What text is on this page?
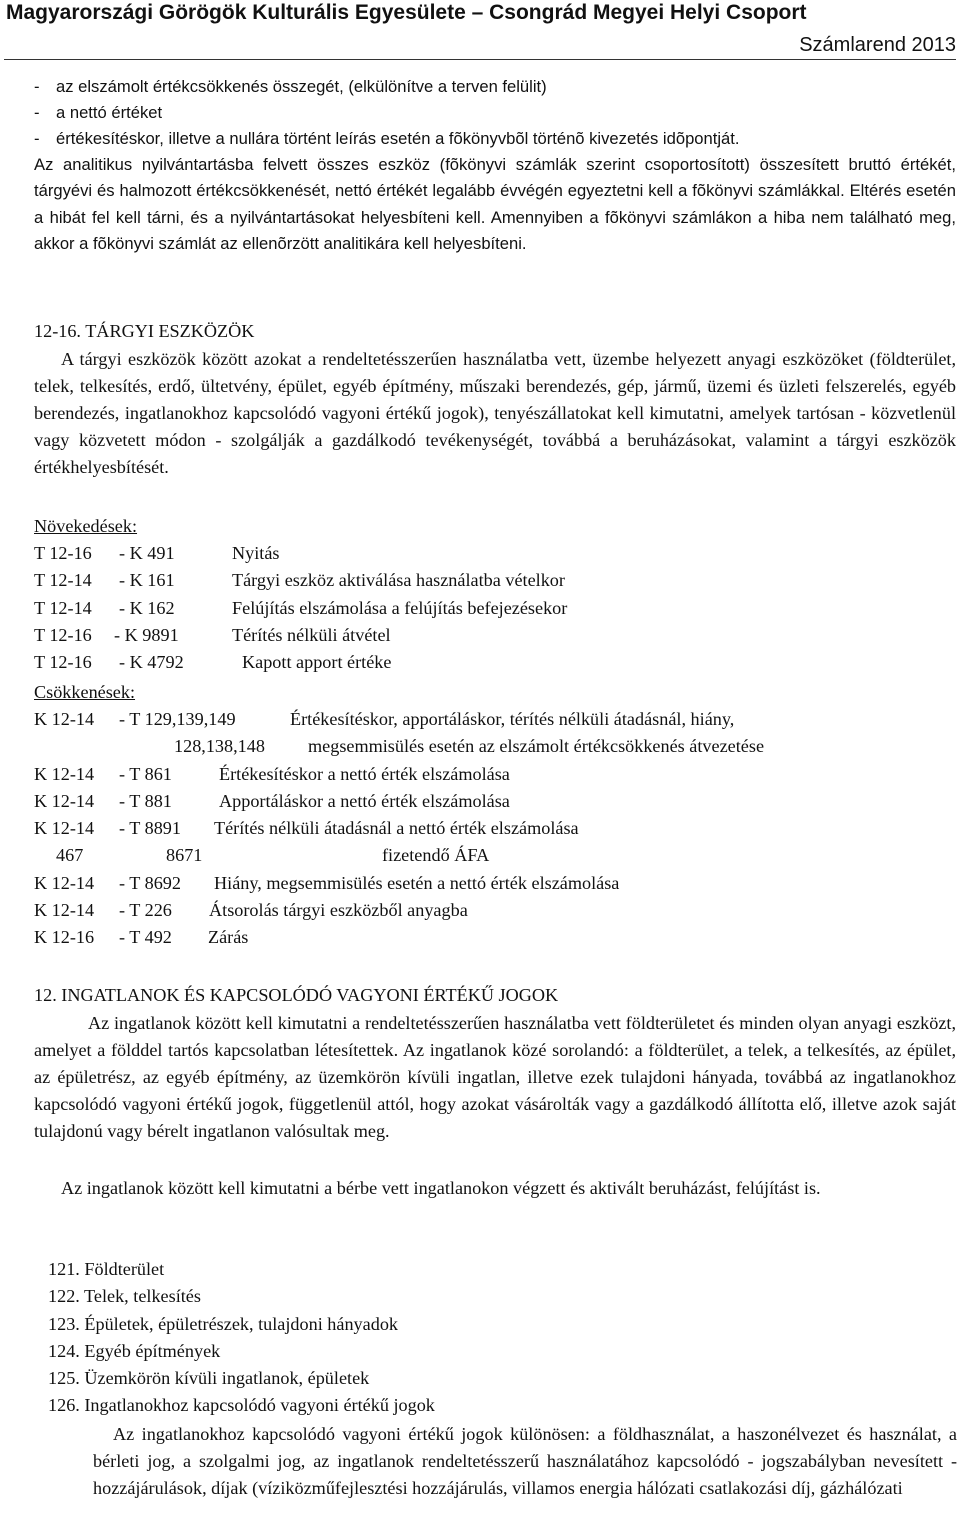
Magyarországi Görögök Kulturális Egyesülete – Csongrád Megyei Helyi Csoport
Számlarend 2013
- az elszámolt értékcsökkenés összegét, (elkülönítve a terven felülit)
- a nettó értéket
- értékesítéskor, illetve a nullára történt leírás esetén a fõkönyvbõl történõ kivezetés idõpontját.
Az analitikus nyilvántartásba felvett összes eszköz (fõkönyvi számlák szerint csoportosított) összesített bruttó értékét, tárgyévi és halmozott értékcsökkenését, nettó értékét legalább évvégén egyeztetni kell a fõkönyvi számlákkal. Eltérés esetén a hibát fel kell tárni, és a nyilvántartásokat helyesbíteni kell. Amennyiben a fõkönyvi számlákon a hiba nem található meg, akkor a fõkönyvi számlát az ellenõrzött analitikára kell helyesbíteni.
12-16. TÁRGYI ESZKÖZÖK
A tárgyi eszközök között azokat a rendeltetésszerűen használatba vett, üzembe helyezett anyagi eszközöket (földterület, telek, telkesítés, erdő, ültetvény, épület, egyéb építmény, műszaki berendezés, gép, jármű, üzemi és üzleti felszerelés, egyéb berendezés, ingatlanokhoz kapcsolódó vagyoni értékű jogok), tenyészállatokat kell kimutatni, amelyek tartósan - közvetlenül vagy közvetett módon - szolgálják a gazdálkodó tevékenységét, továbbá a beruházásokat, valamint a tárgyi eszközök értékhelyesbítését.
Növekedések:
T 12-16 - K 491	Nyitás
T 12-14 - K 161	Tárgyi eszköz aktiválása használatba vételkor
T 12-14 - K 162	Felújítás elszámolása a felújítás befejezésekor
T 12-16 - K 9891	Térítés nélküli átvétel
T 12-16 - K 4792	Kapott apport értéke
Csökkenések:
K 12-14 - T 129,139,149	Értékesítéskor, apportáláskor, térítés nélküli átadásnál, hiány,
128,138,148 megsemmisülés esetén az elszámolt értékcsökkenés átvezetése
K 12-14 - T 861	Értékesítéskor a nettó érték elszámolása
K 12-14 - T 881	Apportáláskor a nettó érték elszámolása
K 12-14 - T 8891 Térítés nélküli átadásnál a nettó érték elszámolása
467	8671	fizetendő ÁFA
K 12-14 - T 8692 Hiány, megsemmisülés esetén a nettó érték elszámolása
K 12-14 - T 226 Átsorolás tárgyi eszközből anyagba
K 12-16 - T 492 Zárás
12. INGATLANOK ÉS KAPCSOLÓDÓ VAGYONI ÉRTÉKŰ JOGOK
Az ingatlanok között kell kimutatni a rendeltetésszerűen használatba vett földterületet és minden olyan anyagi eszközt, amelyet a földdel tartós kapcsolatban létesítettek. Az ingatlanok közé sorolandó: a földterület, a telek, a telkesítés, az épület, az épületrész, az egyéb építmény, az üzemkörön kívüli ingatlan, illetve ezek tulajdoni hányada, továbbá az ingatlanokhoz kapcsolódó vagyoni értékű jogok, függetlenül attól, hogy azokat vásárolták vagy a gazdálkodó állította elő, illetve azok saját tulajdonú vagy bérelt ingatlanon valósultak meg.
Az ingatlanok között kell kimutatni a bérbe vett ingatlanokon végzett és aktivált beruházást, felújítást is.
121. Földterület
122. Telek, telkesítés
123. Épületek, épületrészek, tulajdoni hányadok
124. Egyéb építmények
125. Üzemkörön kívüli ingatlanok, épületek
126. Ingatlanokhoz kapcsolódó vagyoni értékű jogok
Az ingatlanokhoz kapcsolódó vagyoni értékű jogok különösen: a földhasználat, a haszonélvezet és használat, a bérleti jog, a szolgalmi jog, az ingatlanok rendeltetésszerű használatához kapcsolódó - jogszabályban nevesített - hozzájárulások, díjak (víziközműfejlesztési hozzájárulás, villamos energia hálózati csatlakozási díj, gázhálózati
